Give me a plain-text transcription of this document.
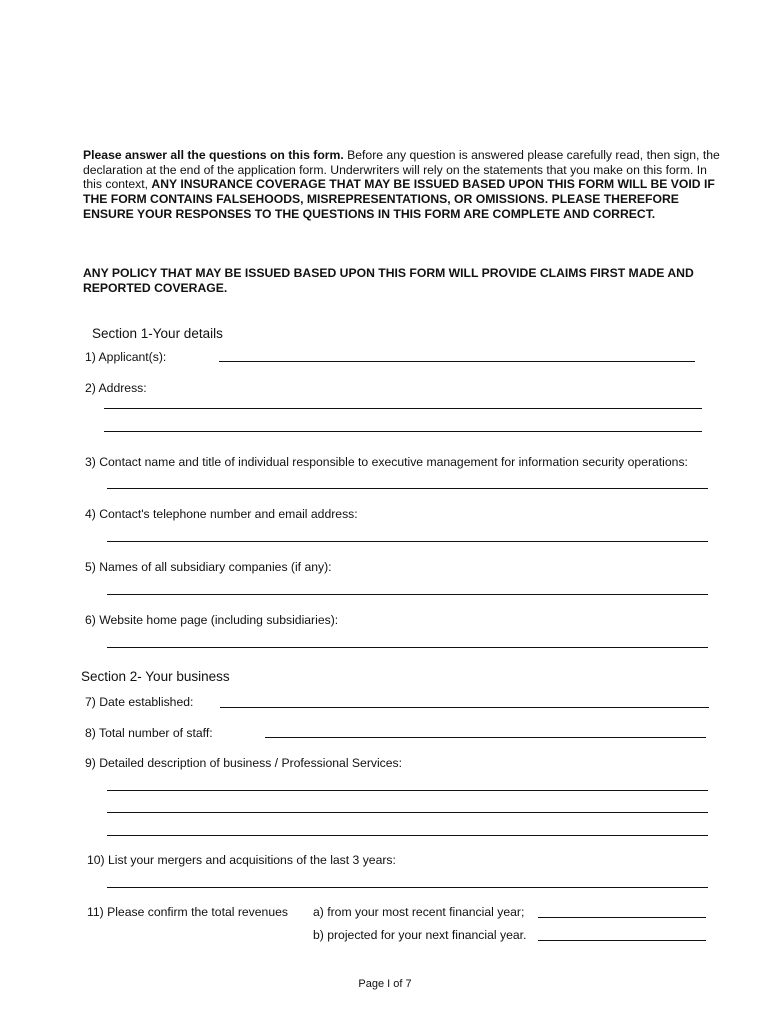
Please answer all the questions on this form. Before any question is answered please carefully read, then sign, the declaration at the end of the application form. Underwriters will rely on the statements that you make on this form. In this context, ANY INSURANCE COVERAGE THAT MAY BE ISSUED BASED UPON THIS FORM WILL BE VOID IF THE FORM CONTAINS FALSEHOODS, MISREPRESENTATIONS, OR OMISSIONS. PLEASE THEREFORE ENSURE YOUR RESPONSES TO THE QUESTIONS IN THIS FORM ARE COMPLETE AND CORRECT.
ANY POLICY THAT MAY BE ISSUED BASED UPON THIS FORM WILL PROVIDE CLAIMS FIRST MADE AND REPORTED COVERAGE.
Section 1-Your details
1) Applicant(s):
2) Address:
3) Contact name and title of individual responsible to executive management for information security operations:
4) Contact's telephone number and email address:
5) Names of all subsidiary companies (if any):
6) Website home page (including subsidiaries):
Section 2- Your business
7) Date established:
8) Total number of staff:
9) Detailed description of business / Professional Services:
10) List your mergers and acquisitions of the last 3 years:
11) Please confirm the total revenues a) from your most recent financial year;
b) projected for your next financial year.
Page I of 7
